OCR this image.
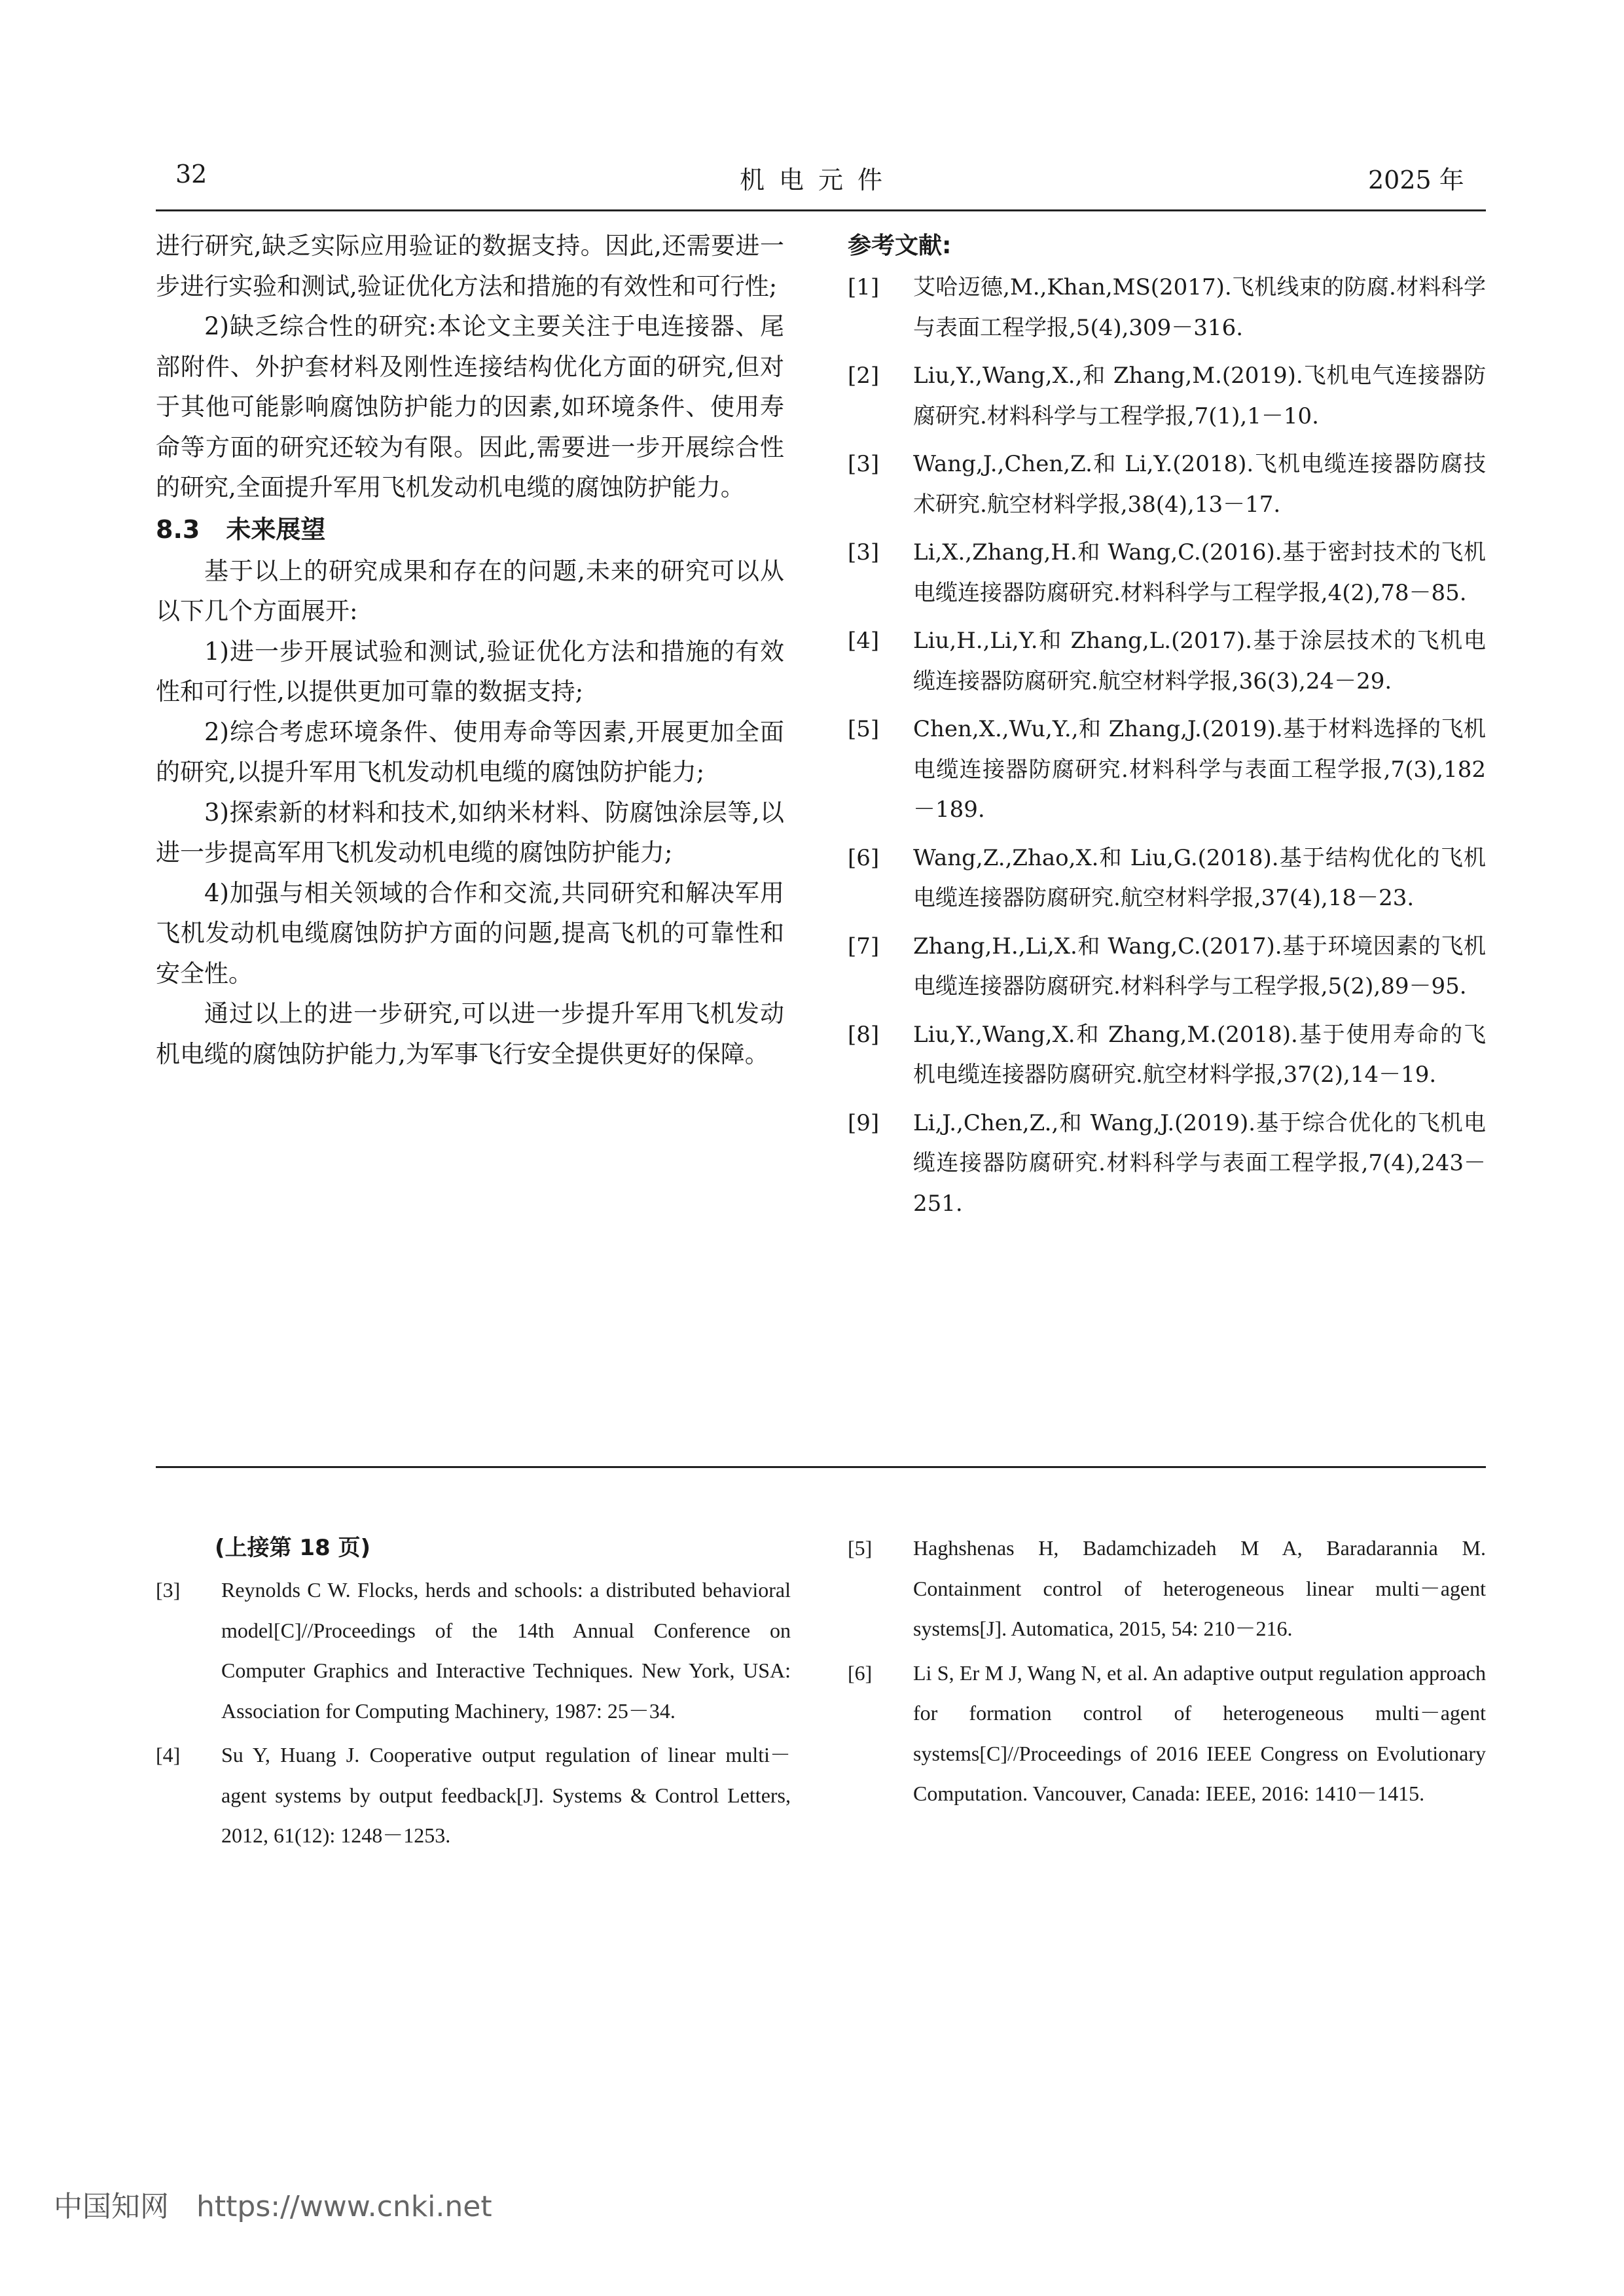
32	机电元件	2025 年

进行研究,缺乏实际应用验证的数据支持。因此,还需要进一步进行实验和测试,验证优化方法和措施的有效性和可行性;

2)缺乏综合性的研究:本论文主要关注于电连接器、尾部附件、外护套材料及刚性连接结构优化方面的研究,但对于其他可能影响腐蚀防护能力的因素,如环境条件、使用寿命等方面的研究还较为有限。因此,需要进一步开展综合性的研究,全面提升军用飞机发动机电缆的腐蚀防护能力。

8.3 未来展望

基于以上的研究成果和存在的问题,未来的研究可以从以下几个方面展开:

1)进一步开展试验和测试,验证优化方法和措施的有效性和可行性,以提供更加可靠的数据支持;

2)综合考虑环境条件、使用寿命等因素,开展更加全面的研究,以提升军用飞机发动机电缆的腐蚀防护能力;

3)探索新的材料和技术,如纳米材料、防腐蚀涂层等,以进一步提高军用飞机发动机电缆的腐蚀防护能力;

4)加强与相关领域的合作和交流,共同研究和解决军用飞机发动机电缆腐蚀防护方面的问题,提高飞机的可靠性和安全性。

通过以上的进一步研究,可以进一步提升军用飞机发动机电缆的腐蚀防护能力,为军事飞行安全提供更好的保障。

参考文献:
[1] 艾哈迈德,M.,Khan,MS(2017).飞机线束的防腐.材料科学与表面工程学报,5(4),309－316.
[2] Liu,Y.,Wang,X.,和 Zhang,M.(2019).飞机电气连接器防腐研究.材料科学与工程学报,7(1),1－10.
[3] Wang,J.,Chen,Z.和 Li,Y.(2018).飞机电缆连接器防腐技术研究.航空材料学报,38(4),13－17.
[3] Li,X.,Zhang,H.和 Wang,C.(2016).基于密封技术的飞机电缆连接器防腐研究.材料科学与工程学报,4(2),78－85.
[4] Liu,H.,Li,Y.和 Zhang,L.(2017).基于涂层技术的飞机电缆连接器防腐研究.航空材料学报,36(3),24－29.
[5] Chen,X.,Wu,Y.,和 Zhang,J.(2019).基于材料选择的飞机电缆连接器防腐研究.材料科学与表面工程学报,7(3),182－189.
[6] Wang,Z.,Zhao,X.和 Liu,G.(2018).基于结构优化的飞机电缆连接器防腐研究.航空材料学报,37(4),18－23.
[7] Zhang,H.,Li,X.和 Wang,C.(2017).基于环境因素的飞机电缆连接器防腐研究.材料科学与工程学报,5(2),89－95.
[8] Liu,Y.,Wang,X.和 Zhang,M.(2018).基于使用寿命的飞机电缆连接器防腐研究.航空材料学报,37(2),14－19.
[9] Li,J.,Chen,Z.,和 Wang,J.(2019).基于综合优化的飞机电缆连接器防腐研究.材料科学与表面工程学报,7(4),243－251.
(上接第 18 页)
[3] Reynolds C W. Flocks, herds and schools: a distributed behavioral model[C]//Proceedings of the 14th Annual Conference on Computer Graphics and Interactive Techniques. New York, USA: Association for Computing Machinery, 1987: 25－34.
[4] Su Y, Huang J. Cooperative output regulation of linear multi－agent systems by output feedback[J]. Systems & Control Letters, 2012, 61(12): 1248－1253.
[5] Haghshenas H, Badamchizadeh M A, Baradarannia M. Containment control of heterogeneous linear multi－agent systems[J]. Automatica, 2015, 54: 210－216.
[6] Li S, Er M J, Wang N, et al. An adaptive output regulation approach for formation control of heterogeneous multi－agent systems[C]//Proceedings of 2016 IEEE Congress on Evolutionary Computation. Vancouver, Canada: IEEE, 2016: 1410－1415.
中国知网 https://www.cnki.net
